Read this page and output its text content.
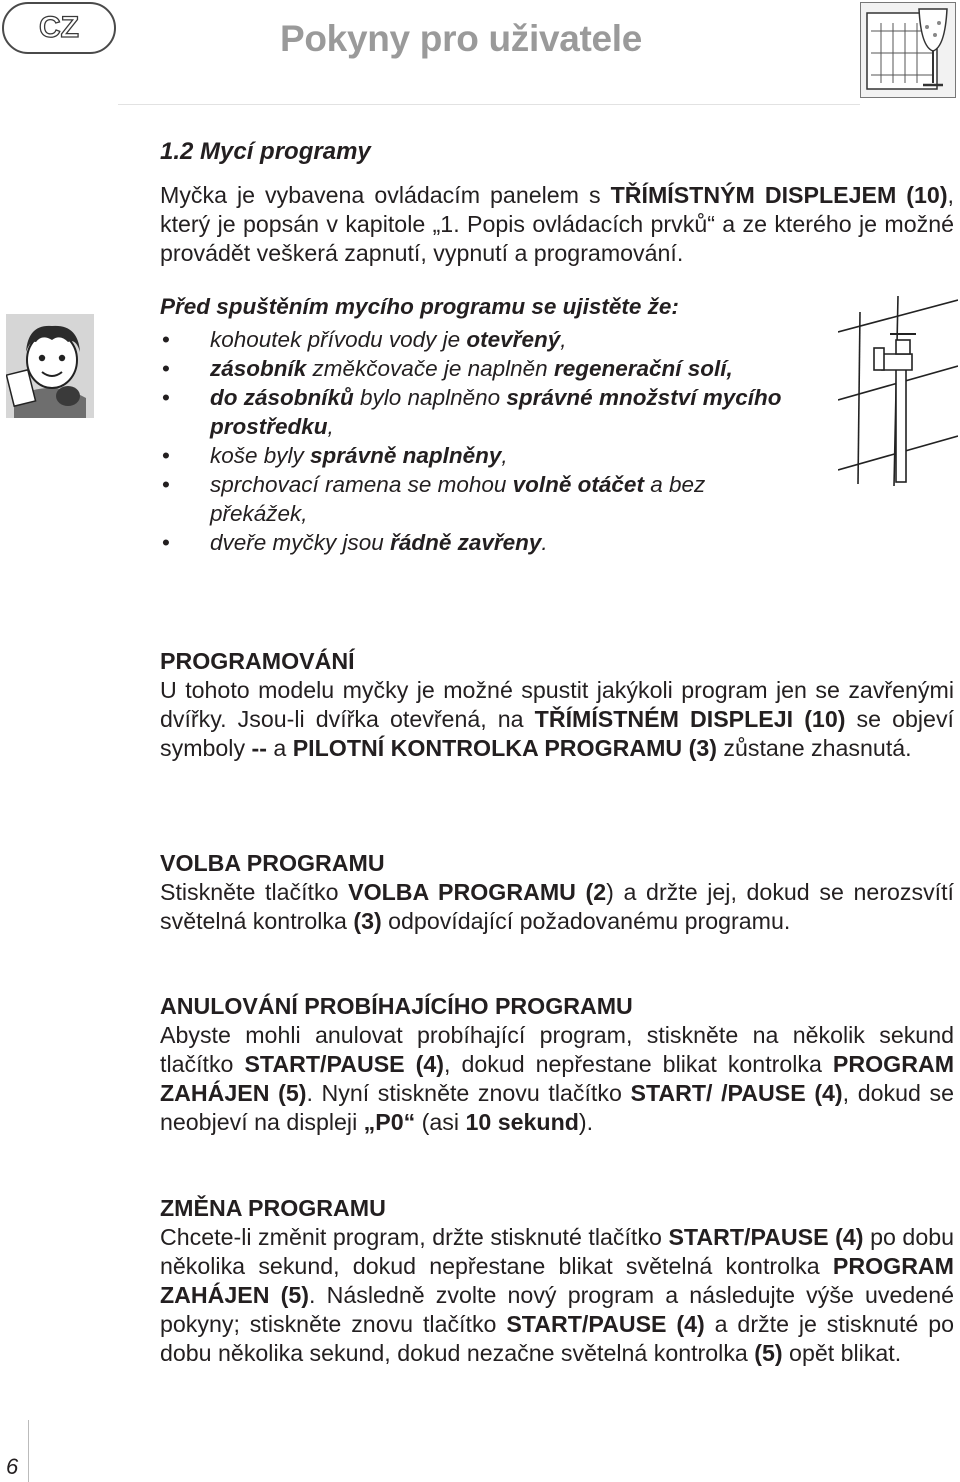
CZ	Pokyny pro uživatele
1.2 Mycí programy

Myčka je vybavena ovládacím panelem s TŘÍMÍSTNÝM DISPLEJEM (10), který je popsán v kapitole „1. Popis ovládacích prvků“ a ze kterého je možné provádět veškerá zapnutí, vypnutí a programování.

Před spuštěním mycího programu se ujistěte že:
• kohoutek přívodu vody je otevřený,
• zásobník změkčovače je naplněn regenerační solí,
• do zásobníků bylo naplněno správné množství mycího prostředku,
• koše byly správně naplněny,
• sprchovací ramena se mohou volně otáčet a bez překážek,
• dveře myčky jsou řádně zavřeny.
PROGRAMOVÁNÍ

U tohoto modelu myčky je možné spustit jakýkoli program jen se zavřenými dvířky. Jsou-li dvířka otevřená, na TŘÍMÍSTNÉM DISPLEJI (10) se objeví symboly -- a PILOTNÍ KONTROLKA PROGRAMU (3) zůstane zhasnutá.

VOLBA PROGRAMU

Stiskněte tlačítko VOLBA PROGRAMU (2) a držte jej, dokud se nerozsvítí světelná kontrolka (3) odpovídající požadovanému programu.

ANULOVÁNÍ PROBÍHAJÍCÍHO PROGRAMU

Abyste mohli anulovat probíhající program, stiskněte na několik sekund tlačítko START/PAUSE (4), dokud nepřestane blikat kontrolka PROGRAM ZAHÁJEN (5). Nyní stiskněte znovu tlačítko START/ /PAUSE (4), dokud se neobjeví na displeji „P0“ (asi 10 sekund).

ZMĚNA PROGRAMU

Chcete-li změnit program, držte stisknuté tlačítko START/PAUSE (4) po dobu několika sekund, dokud nepřestane blikat světelná kontrolka PROGRAM ZAHÁJEN (5). Následně zvolte nový program a následujte výše uvedené pokyny; stiskněte znovu tlačítko START/PAUSE (4) a držte je stisknuté po dobu několika sekund, dokud nezačne světelná kontrolka (5) opět blikat.

6
